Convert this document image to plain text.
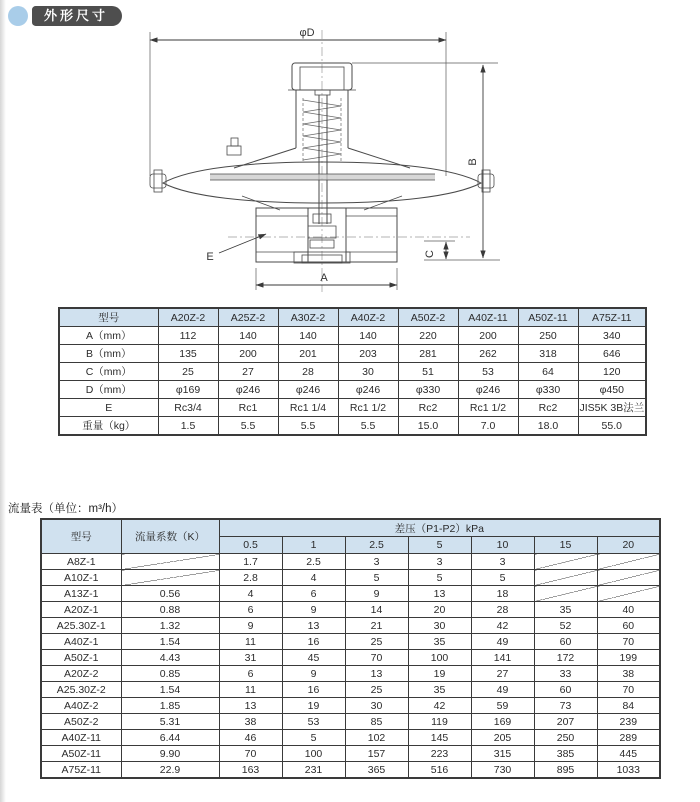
外形尺寸
φD
B
C
A
E
型号	A20Z-2	A25Z-2	A30Z-2	A40Z-2	A50Z-2	A40Z-11	A50Z-11	A75Z-11
A（mm）	112	140	140	140	220	200	250	340
B（mm）	135	200	201	203	281	262	318	646
C（mm）	25	27	28	30	51	53	64	120
D（mm）	φ169	φ246	φ246	φ246	φ330	φ246	φ330	φ450
E	Rc3/4	Rc1	Rc1 1/4	Rc1 1/2	Rc2	Rc1 1/2	Rc2	JIS5K 3B法兰
重量（kg）	1.5	5.5	5.5	5.5	15.0	7.0	18.0	55.0
流量表（单位：m³/h）
型号	流量系数（K）	差压（P1-P2）kPa						
		0.5	1	2.5	5	10	15	20
A8Z-1		1.7	2.5	3	3	3		
A10Z-1		2.8	4	5	5	5		
A13Z-1	0.56	4	6	9	13	18		
A20Z-1	0.88	6	9	14	20	28	35	40
A25.30Z-1	1.32	9	13	21	30	42	52	60
A40Z-1	1.54	11	16	25	35	49	60	70
A50Z-1	4.43	31	45	70	100	141	172	199
A20Z-2	0.85	6	9	13	19	27	33	38
A25.30Z-2	1.54	11	16	25	35	49	60	70
A40Z-2	1.85	13	19	30	42	59	73	84
A50Z-2	5.31	38	53	85	119	169	207	239
A40Z-11	6.44	46	5	102	145	205	250	289
A50Z-11	9.90	70	100	157	223	315	385	445
A75Z-11	22.9	163	231	365	516	730	895	1033
